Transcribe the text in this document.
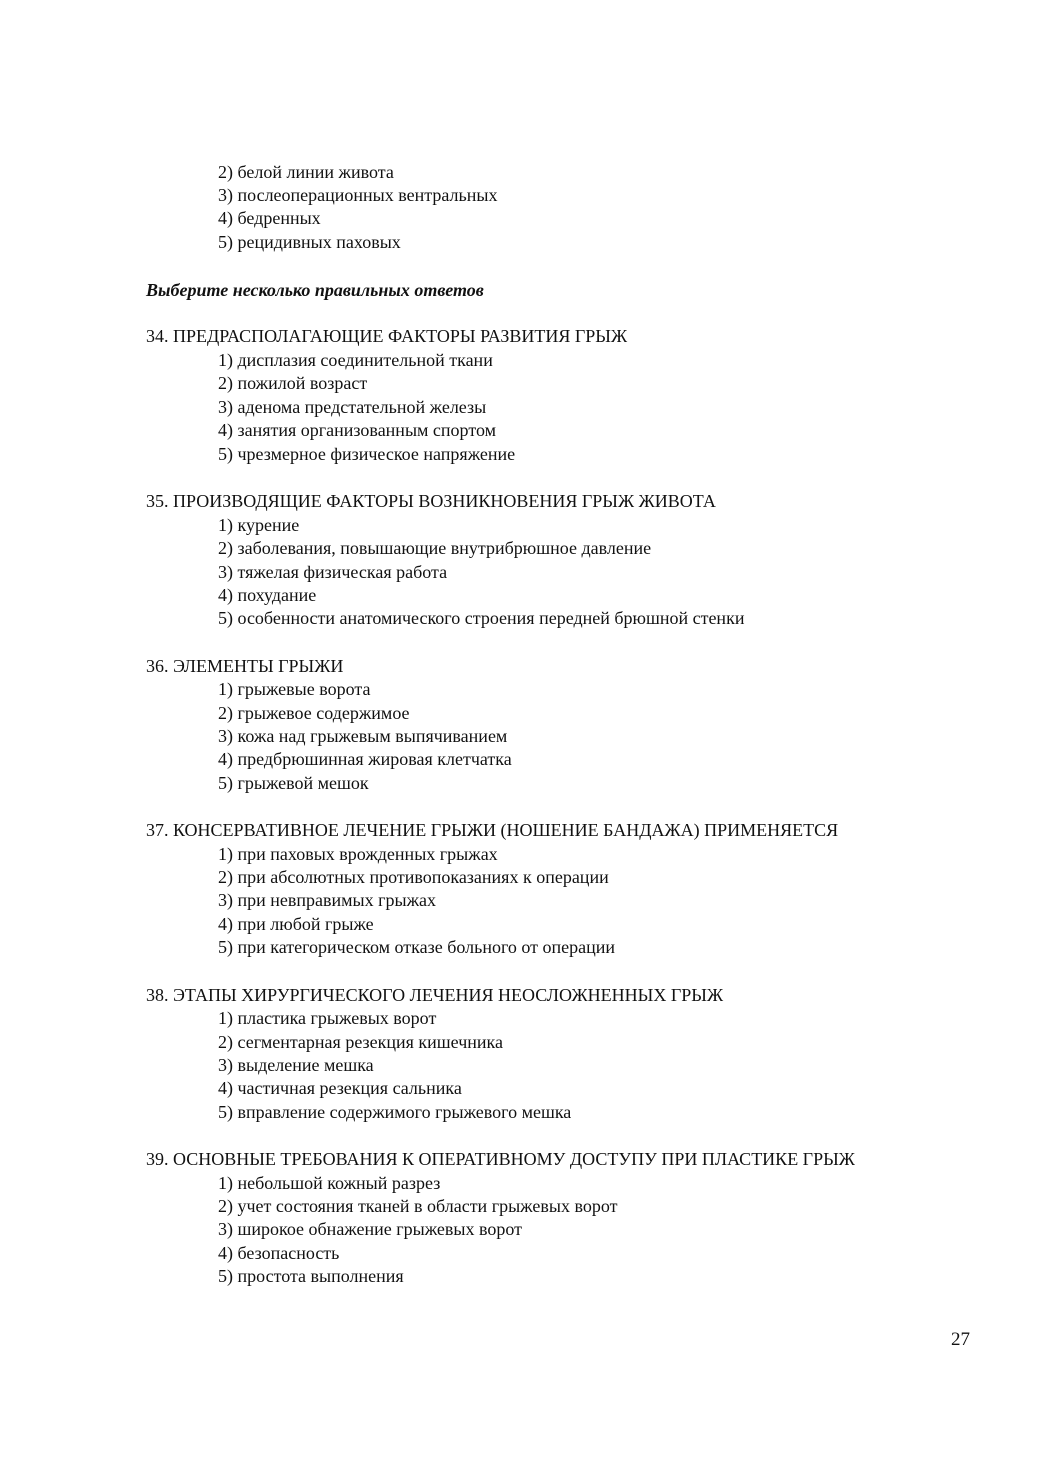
2) белой линии живота
3) послеоперационных вентральных
4) бедренных
5) рецидивных паховых
Выберите несколько правильных ответов
34. ПРЕДРАСПОЛАГАЮЩИЕ ФАКТОРЫ РАЗВИТИЯ ГРЫЖ
1) дисплазия соединительной ткани
2) пожилой возраст
3) аденома предстательной железы
4) занятия организованным спортом
5) чрезмерное физическое напряжение
35. ПРОИЗВОДЯЩИЕ ФАКТОРЫ ВОЗНИКНОВЕНИЯ ГРЫЖ ЖИВОТА
1) курение
2) заболевания, повышающие внутрибрюшное давление
3) тяжелая физическая работа
4) похудание
5) особенности анатомического строения передней брюшной стенки
36. ЭЛЕМЕНТЫ ГРЫЖИ
1) грыжевые ворота
2) грыжевое содержимое
3) кожа над грыжевым выпячиванием
4) предбрюшинная жировая клетчатка
5) грыжевой мешок
37. КОНСЕРВАТИВНОЕ ЛЕЧЕНИЕ ГРЫЖИ (НОШЕНИЕ БАНДАЖА) ПРИМЕНЯЕТСЯ
1) при паховых врожденных грыжах
2) при абсолютных противопоказаниях к операции
3) при невправимых грыжах
4) при любой грыже
5) при категорическом отказе больного от операции
38. ЭТАПЫ ХИРУРГИЧЕСКОГО ЛЕЧЕНИЯ НЕОСЛОЖНЕННЫХ ГРЫЖ
1) пластика грыжевых ворот
2) сегментарная резекция кишечника
3) выделение мешка
4) частичная резекция сальника
5) вправление содержимого грыжевого мешка
39. ОСНОВНЫЕ ТРЕБОВАНИЯ К ОПЕРАТИВНОМУ ДОСТУПУ ПРИ ПЛАСТИКЕ ГРЫЖ
1) небольшой кожный разрез
2) учет состояния тканей в области грыжевых ворот
3) широкое обнажение грыжевых ворот
4) безопасность
5) простота выполнения
27
